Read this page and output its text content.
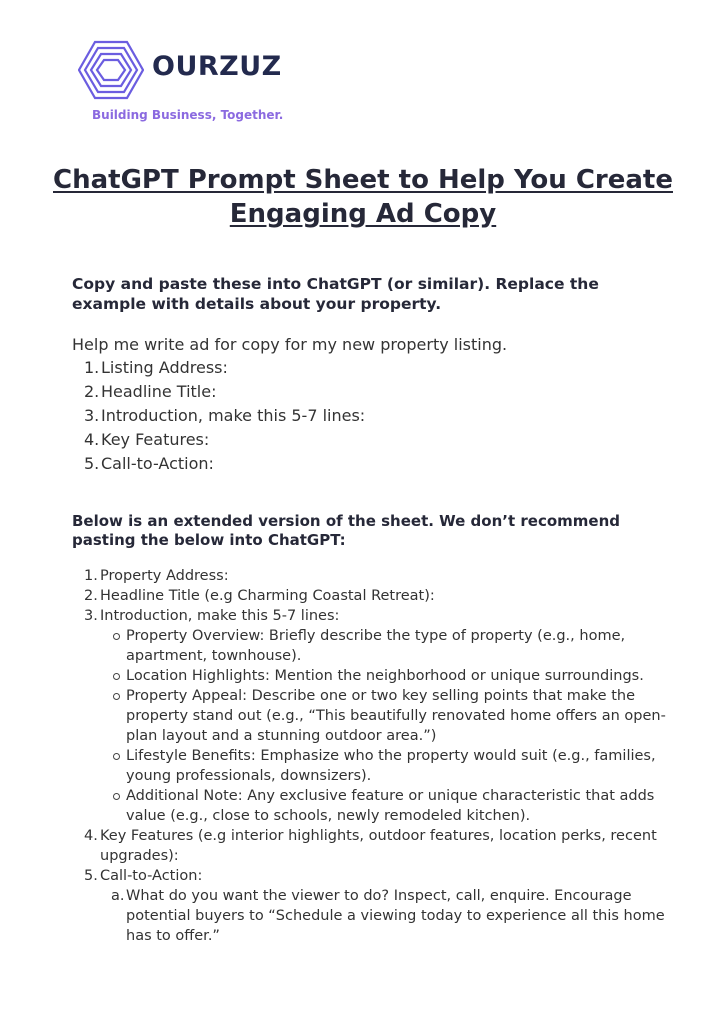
OURZUZ
Building Business, Together.
ChatGPT Prompt Sheet to Help You Create Engaging Ad Copy
Copy and paste these into ChatGPT (or similar). Replace the example with details about your property.
Help me write ad for copy for my new property listing.
1. Listing Address:
2. Headline Title:
3. Introduction, make this 5-7 lines:
4. Key Features:
5. Call-to-Action:
Below is an extended version of the sheet. We don’t recommend pasting the below into ChatGPT:
1. Property Address:
2. Headline Title (e.g Charming Coastal Retreat):
3. Introduction, make this 5-7 lines:
Property Overview: Briefly describe the type of property (e.g., home, apartment, townhouse).
Location Highlights: Mention the neighborhood or unique surroundings.
Property Appeal: Describe one or two key selling points that make the property stand out (e.g., “This beautifully renovated home offers an open-plan layout and a stunning outdoor area.”)
Lifestyle Benefits: Emphasize who the property would suit (e.g., families, young professionals, downsizers).
Additional Note: Any exclusive feature or unique characteristic that adds value (e.g., close to schools, newly remodeled kitchen).
4. Key Features (e.g interior highlights, outdoor features, location perks, recent upgrades):
5. Call-to-Action:
a. What do you want the viewer to do? Inspect, call, enquire. Encourage potential buyers to “Schedule a viewing today to experience all this home has to offer.”
